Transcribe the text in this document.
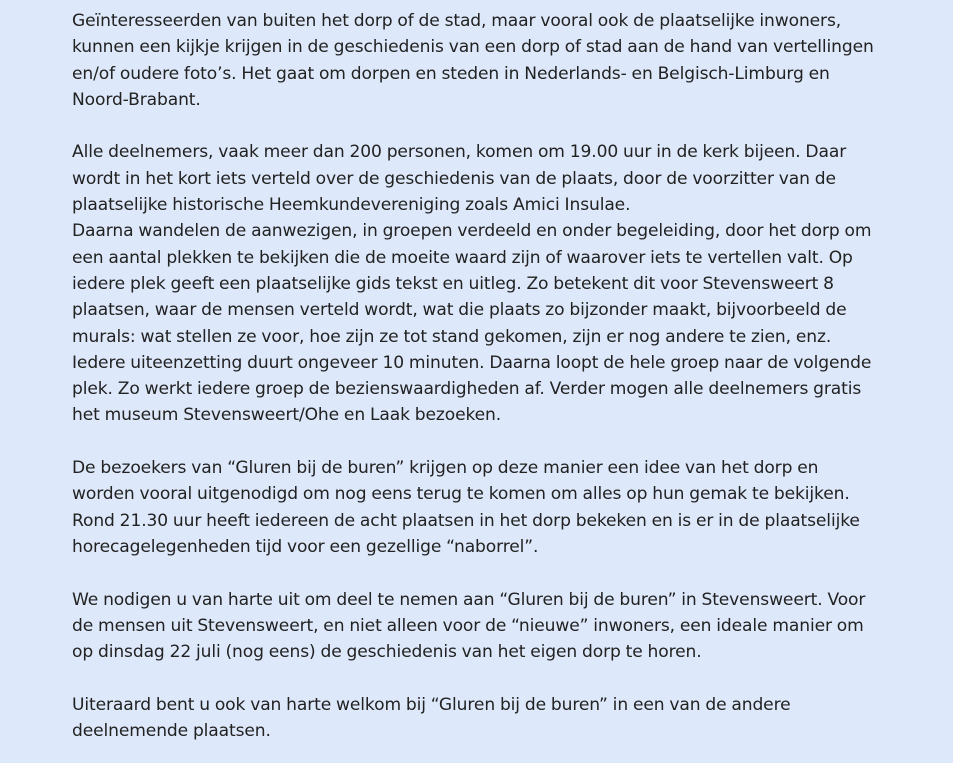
Geïnteresseerden van buiten het dorp of de stad, maar vooral ook de plaatselijke inwoners,
kunnen een kijkje krijgen in de geschiedenis van een dorp of stad aan de hand van vertellingen
en/of oudere foto’s. Het gaat om dorpen en steden in Nederlands- en Belgisch-Limburg en
Noord-Brabant.

Alle deelnemers, vaak meer dan 200 personen, komen om 19.00 uur in de kerk bijeen. Daar
wordt in het kort iets verteld over de geschiedenis van de plaats, door de voorzitter van de
plaatselijke historische Heemkundevereniging zoals Amici Insulae.
Daarna wandelen de aanwezigen, in groepen verdeeld en onder begeleiding, door het dorp om
een aantal plekken te bekijken die de moeite waard zijn of waarover iets te vertellen valt. Op
iedere plek geeft een plaatselijke gids tekst en uitleg. Zo betekent dit voor Stevensweert 8
plaatsen, waar de mensen verteld wordt, wat die plaats zo bijzonder maakt, bijvoorbeeld de
murals: wat stellen ze voor, hoe zijn ze tot stand gekomen, zijn er nog andere te zien, enz.
Iedere uiteenzetting duurt ongeveer 10 minuten. Daarna loopt de hele groep naar de volgende
plek. Zo werkt iedere groep de bezienswaardigheden af. Verder mogen alle deelnemers gratis
het museum Stevensweert/Ohe en Laak bezoeken.

De bezoekers van “Gluren bij de buren” krijgen op deze manier een idee van het dorp en
worden vooral uitgenodigd om nog eens terug te komen om alles op hun gemak te bekijken.
Rond 21.30 uur heeft iedereen de acht plaatsen in het dorp bekeken en is er in de plaatselijke
horecagelegenheden tijd voor een gezellige “naborrel”.

We nodigen u van harte uit om deel te nemen aan “Gluren bij de buren” in Stevensweert. Voor
de mensen uit Stevensweert, en niet alleen voor de “nieuwe” inwoners, een ideale manier om
op dinsdag 22 juli (nog eens) de geschiedenis van het eigen dorp te horen.

Uiteraard bent u ook van harte welkom bij “Gluren bij de buren” in een van de andere
deelnemende plaatsen.
